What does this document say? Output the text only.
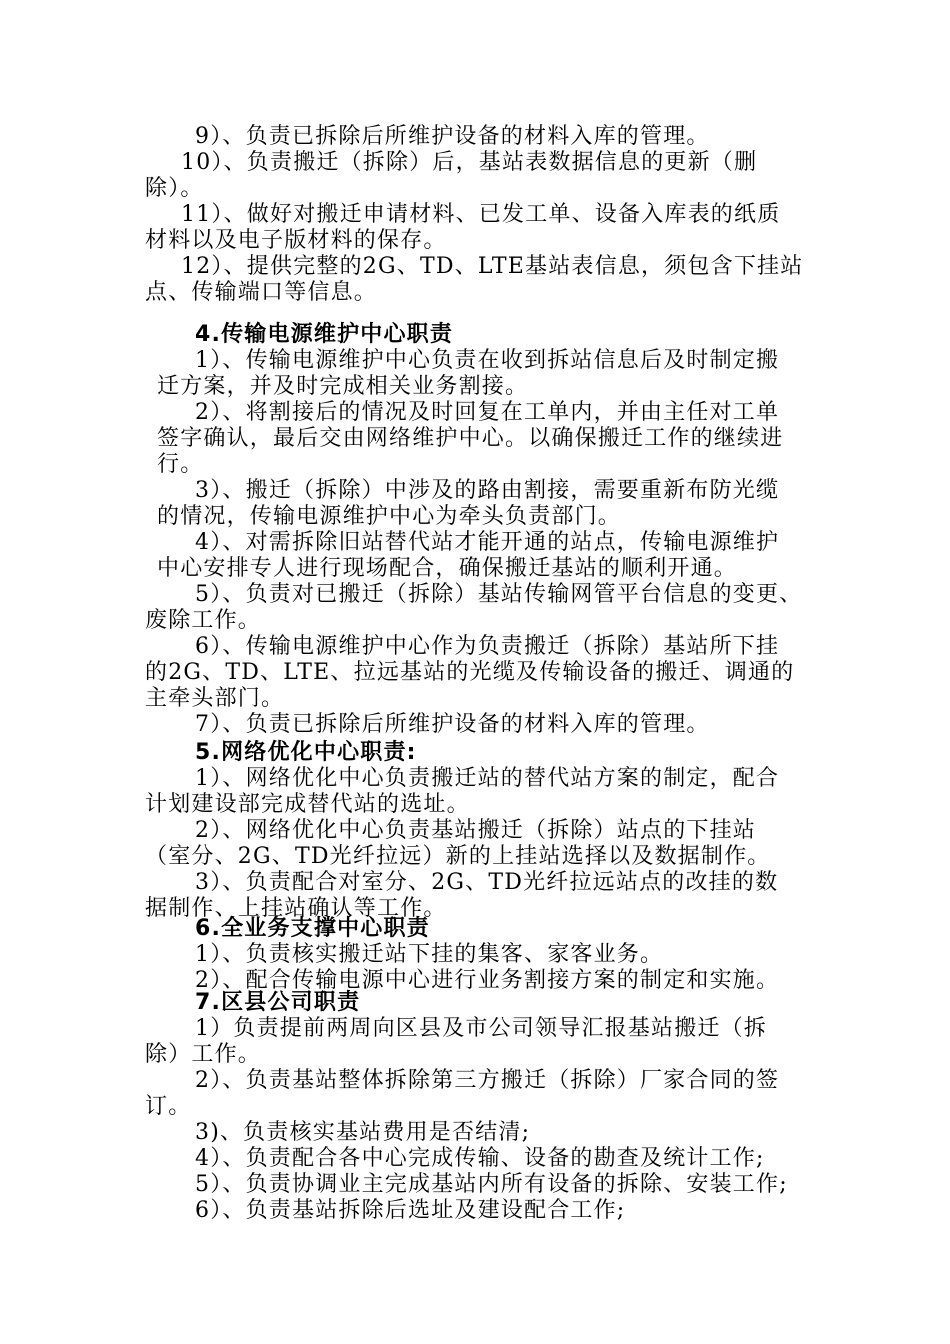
9）、负责已拆除后所维护设备的材料入库的管理。
10）、负责搬迁（拆除）后，基站表数据信息的更新（删
除）。
11）、做好对搬迁申请材料、已发工单、设备入库表的纸质
材料以及电子版材料的保存。
12）、提供完整的2G、TD、LTE基站表信息，须包含下挂站
点、传输端口等信息。
4.传输电源维护中心职责
1）、传输电源维护中心负责在收到拆站信息后及时制定搬
迁方案，并及时完成相关业务割接。
2）、将割接后的情况及时回复在工单内，并由主任对工单
签字确认，最后交由网络维护中心。以确保搬迁工作的继续进
行。
3）、搬迁（拆除）中涉及的路由割接，需要重新布防光缆
的情况，传输电源维护中心为牵头负责部门。
4）、对需拆除旧站替代站才能开通的站点，传输电源维护
中心安排专人进行现场配合，确保搬迁基站的顺利开通。
5）、负责对已搬迁（拆除）基站传输网管平台信息的变更、
废除工作。
6）、传输电源维护中心作为负责搬迁（拆除）基站所下挂
的2G、TD、LTE、拉远基站的光缆及传输设备的搬迁、调通的
主牵头部门。
7）、负责已拆除后所维护设备的材料入库的管理。
5.网络优化中心职责:
1）、网络优化中心负责搬迁站的替代站方案的制定，配合
计划建设部完成替代站的选址。
2）、网络优化中心负责基站搬迁（拆除）站点的下挂站
（室分、2G、TD光纤拉远）新的上挂站选择以及数据制作。
3）、负责配合对室分、2G、TD光纤拉远站点的改挂的数
据制作、上挂站确认等工作。
6.全业务支撑中心职责
1）、负责核实搬迁站下挂的集客、家客业务。
2）、配合传输电源中心进行业务割接方案的制定和实施。
7.区县公司职责
1）负责提前两周向区县及市公司领导汇报基站搬迁（拆
除）工作。
2）、负责基站整体拆除第三方搬迁（拆除）厂家合同的签
订。
3)、负责核实基站费用是否结清;
4）、负责配合各中心完成传输、设备的勘查及统计工作;
5）、负责协调业主完成基站内所有设备的拆除、安装工作;
6）、负责基站拆除后选址及建设配合工作;
